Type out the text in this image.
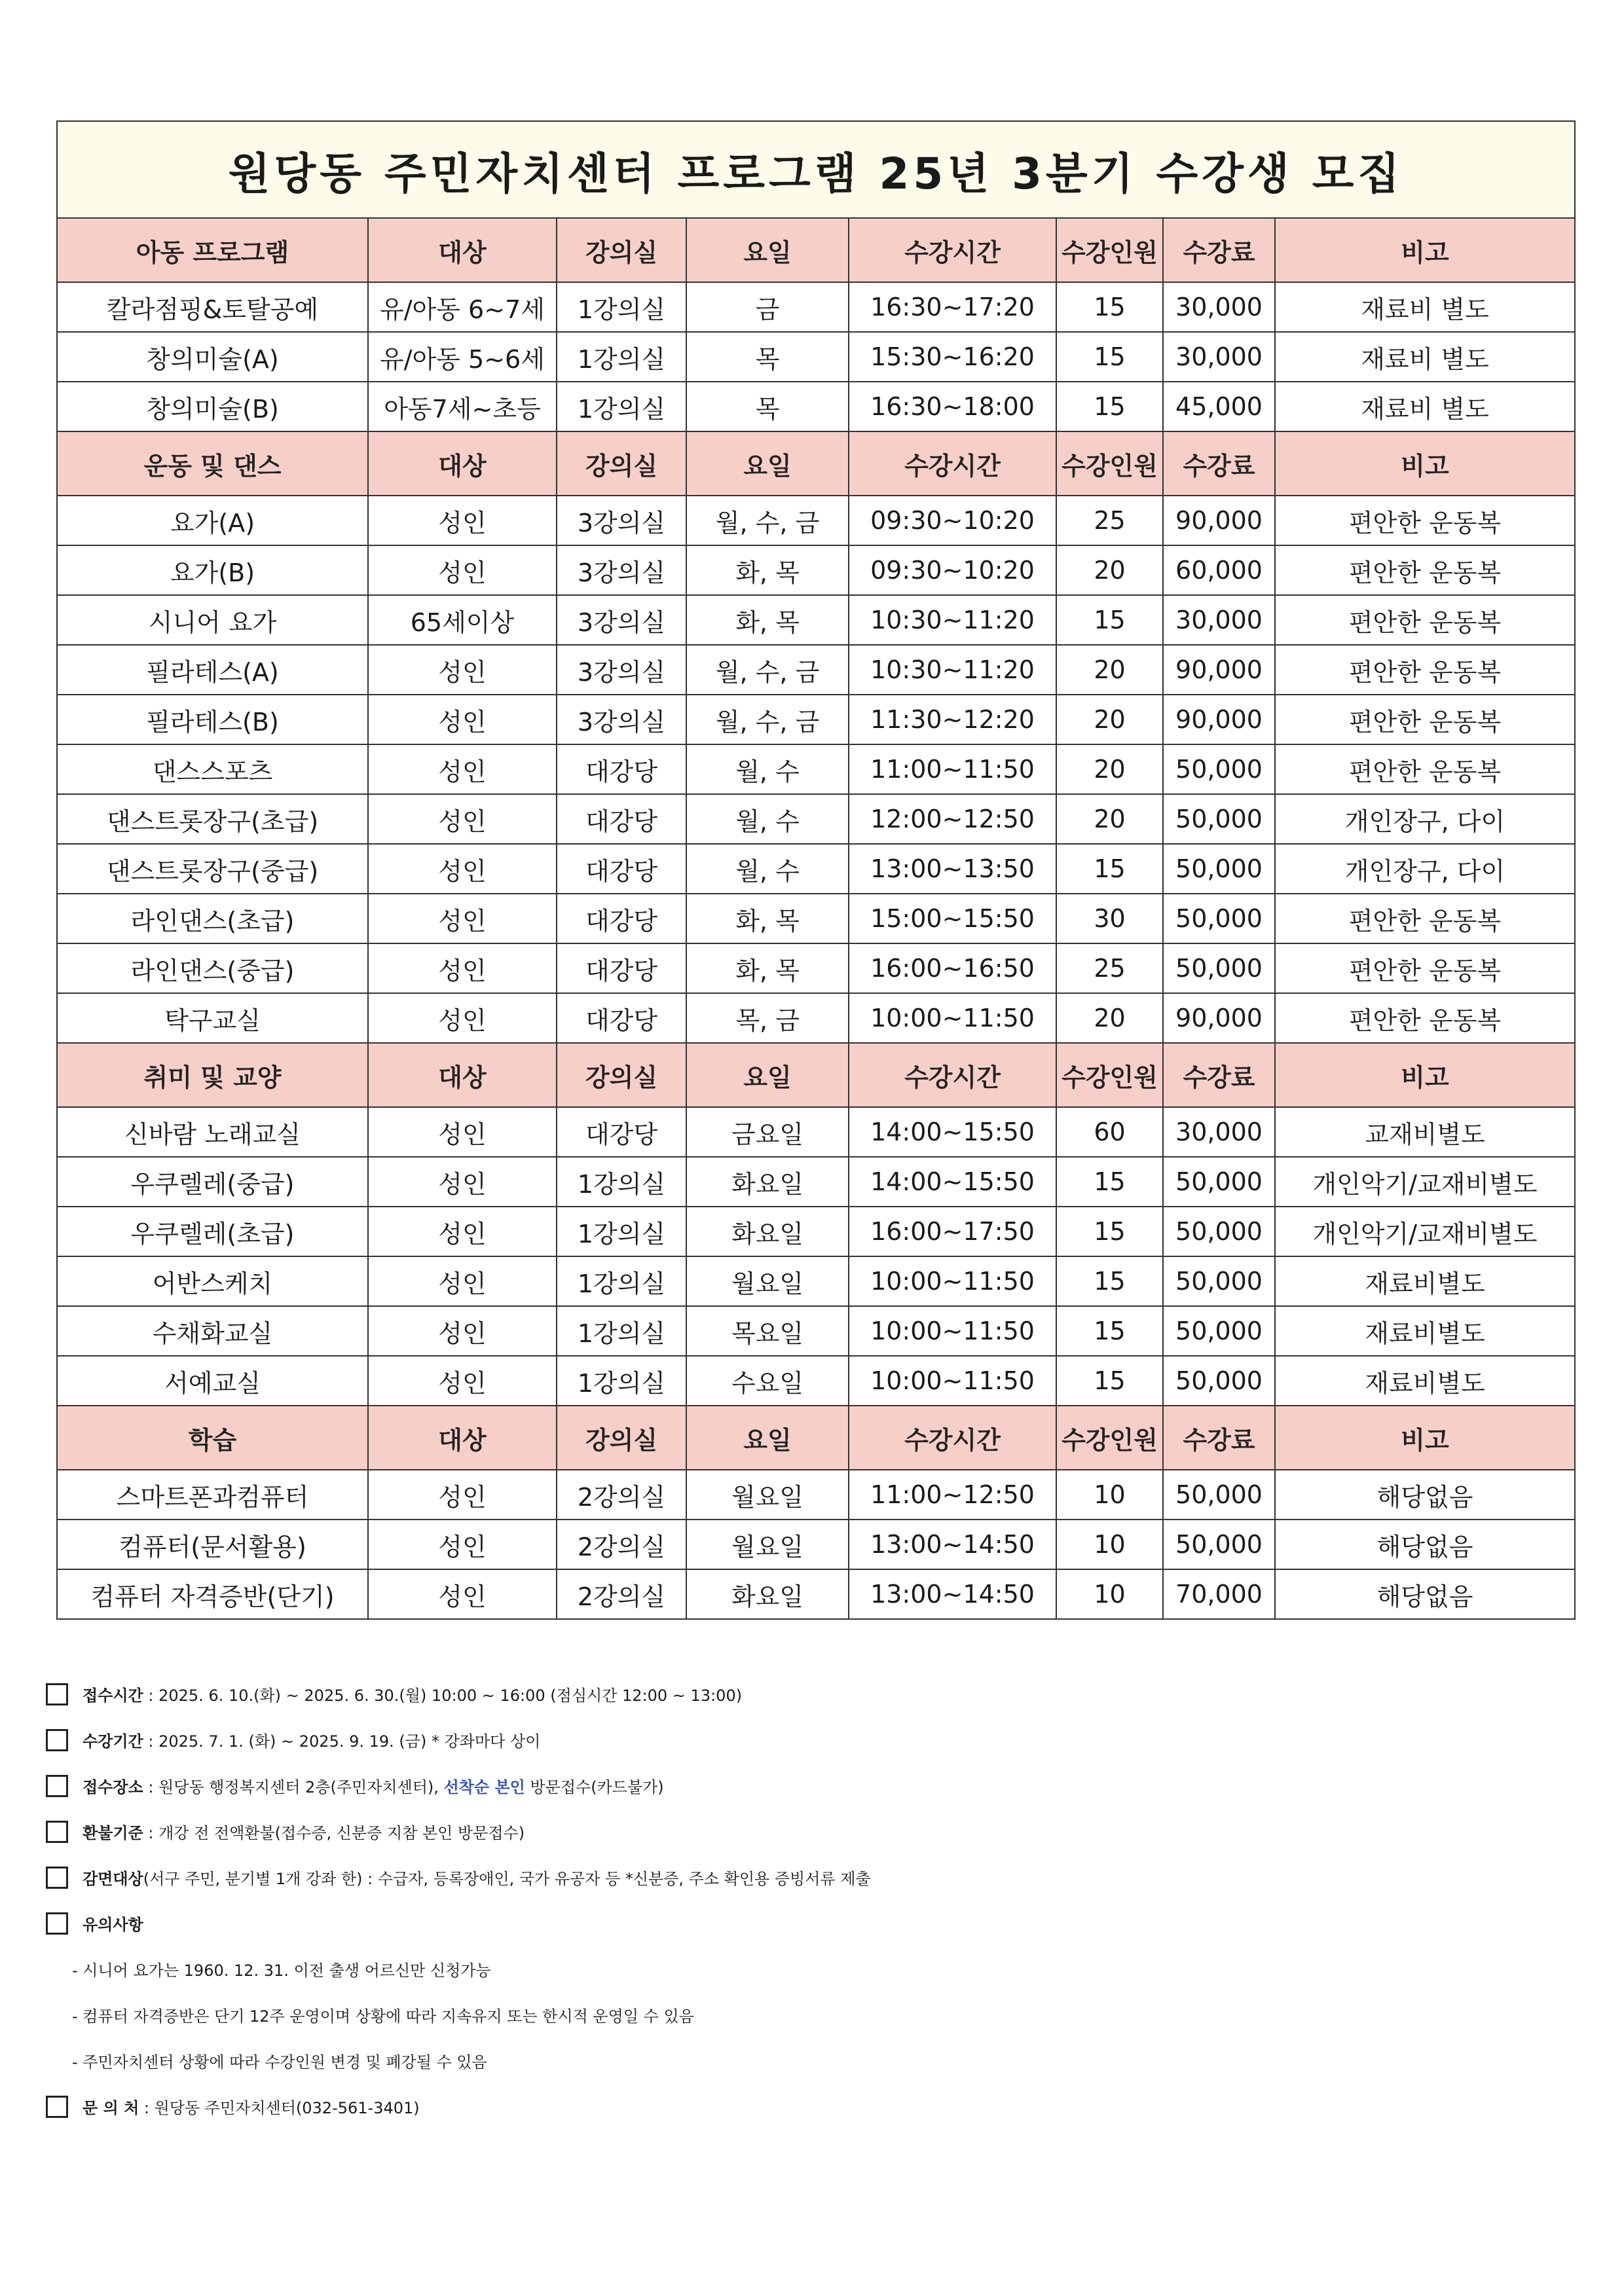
원당동 주민자치센터 프로그램 25년 3분기 수강생 모집							
아동 프로그램	대상	강의실	요일	수강시간	수강인원	수강료	비고
칼라점핑&토탈공예	유/아동 6~7세	1강의실	금	16:30~17:20	15	30,000	재료비 별도
창의미술(A)	유/아동 5~6세	1강의실	목	15:30~16:20	15	30,000	재료비 별도
창의미술(B)	아동7세~초등	1강의실	목	16:30~18:00	15	45,000	재료비 별도
운동 및 댄스	대상	강의실	요일	수강시간	수강인원	수강료	비고
요가(A)	성인	3강의실	월, 수, 금	09:30~10:20	25	90,000	편안한 운동복
요가(B)	성인	3강의실	화, 목	09:30~10:20	20	60,000	편안한 운동복
시니어 요가	65세이상	3강의실	화, 목	10:30~11:20	15	30,000	편안한 운동복
필라테스(A)	성인	3강의실	월, 수, 금	10:30~11:20	20	90,000	편안한 운동복
필라테스(B)	성인	3강의실	월, 수, 금	11:30~12:20	20	90,000	편안한 운동복
댄스스포츠	성인	대강당	월, 수	11:00~11:50	20	50,000	편안한 운동복
댄스트롯장구(초급)	성인	대강당	월, 수	12:00~12:50	20	50,000	개인장구, 다이
댄스트롯장구(중급)	성인	대강당	월, 수	13:00~13:50	15	50,000	개인장구, 다이
라인댄스(초급)	성인	대강당	화, 목	15:00~15:50	30	50,000	편안한 운동복
라인댄스(중급)	성인	대강당	화, 목	16:00~16:50	25	50,000	편안한 운동복
탁구교실	성인	대강당	목, 금	10:00~11:50	20	90,000	편안한 운동복
취미 및 교양	대상	강의실	요일	수강시간	수강인원	수강료	비고
신바람 노래교실	성인	대강당	금요일	14:00~15:50	60	30,000	교재비별도
우쿠렐레(중급)	성인	1강의실	화요일	14:00~15:50	15	50,000	개인악기/교재비별도
우쿠렐레(초급)	성인	1강의실	화요일	16:00~17:50	15	50,000	개인악기/교재비별도
어반스케치	성인	1강의실	월요일	10:00~11:50	15	50,000	재료비별도
수채화교실	성인	1강의실	목요일	10:00~11:50	15	50,000	재료비별도
서예교실	성인	1강의실	수요일	10:00~11:50	15	50,000	재료비별도
학습	대상	강의실	요일	수강시간	수강인원	수강료	비고
스마트폰과컴퓨터	성인	2강의실	월요일	11:00~12:50	10	50,000	해당없음
컴퓨터(문서활용)	성인	2강의실	월요일	13:00~14:50	10	50,000	해당없음
컴퓨터 자격증반(단기)	성인	2강의실	화요일	13:00~14:50	10	70,000	해당없음
접수시간 : 2025. 6. 10.(화) ~ 2025. 6. 30.(월) 10:00 ~ 16:00 (점심시간 12:00 ~ 13:00)
수강기간 : 2025. 7. 1. (화) ~ 2025. 9. 19. (금) * 강좌마다 상이
접수장소 : 원당동 행정복지센터 2층(주민자치센터), 선착순 본인 방문접수(카드불가)
환불기준 : 개강 전 전액환불(접수증, 신분증 지참 본인 방문접수)
감면대상(서구 주민, 분기별 1개 강좌 한) : 수급자, 등록장애인, 국가 유공자 등 *신분증, 주소 확인용 증빙서류 제출
유의사항
- 시니어 요가는 1960. 12. 31. 이전 출생 어르신만 신청가능
- 컴퓨터 자격증반은 단기 12주 운영이며 상황에 따라 지속유지 또는 한시적 운영일 수 있음
- 주민자치센터 상황에 따라 수강인원 변경 및 폐강될 수 있음
문 의 처 : 원당동 주민자치센터(032-561-3401)
